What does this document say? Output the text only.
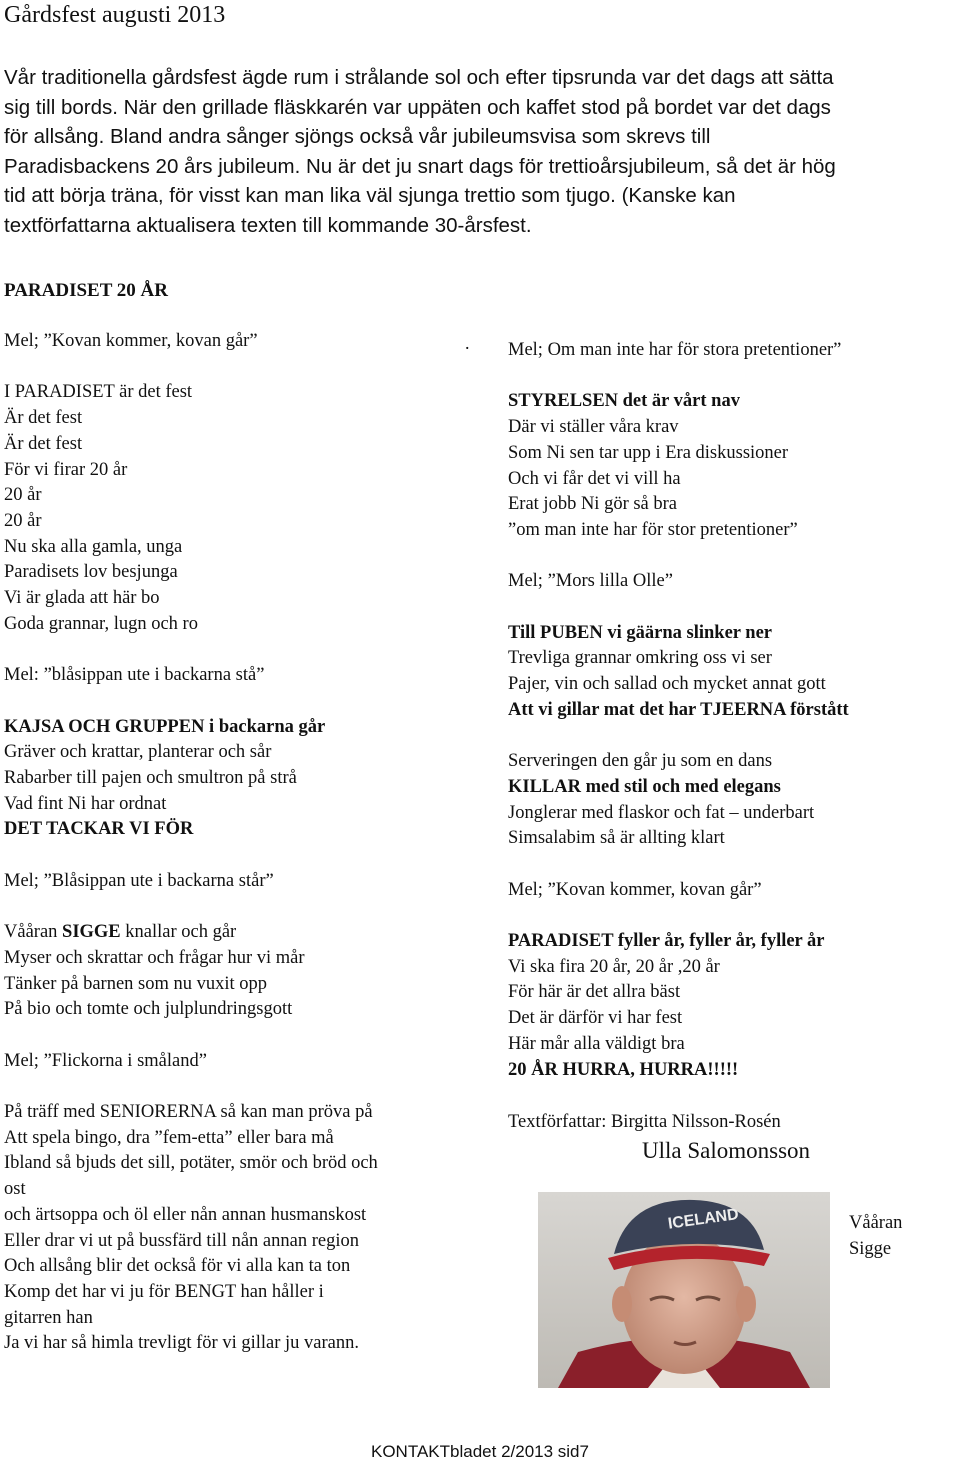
Gårdsfest augusti 2013
Vår traditionella gårdsfest ägde rum i strålande sol och efter tipsrunda var det dags att sätta
sig till bords. När den grillade fläskkarén var uppäten och kaffet stod på bordet var det dags
för allsång. Bland andra sånger sjöngs också vår jubileumsvisa som skrevs till
Paradisbackens 20 års jubileum. Nu är det ju snart dags för trettioårsjubileum, så det är hög
tid att börja träna, för visst kan man lika väl sjunga trettio som tjugo. (Kanske kan
textförfattarna aktualisera texten till kommande 30-årsfest.
PARADISET 20 ÅR
.
Mel; ”Kovan kommer, kovan går”
I PARADISET är det fest
Är det fest
Är det fest
För vi firar 20 år
20 år
20 år
Nu ska alla gamla, unga
Paradisets lov besjunga
Vi är glada att här bo
Goda grannar, lugn och ro
Mel: ”blåsippan ute i backarna stå”
KAJSA OCH GRUPPEN i backarna går
Gräver och krattar, planterar och sår
Rabarber till pajen och smultron på strå
Vad fint Ni har ordnat
DET TACKAR VI FÖR
Mel; ”Blåsippan ute i backarna står”
Vååran SIGGE knallar och går
Myser och skrattar och frågar hur vi mår
Tänker på barnen som nu vuxit opp
På bio och tomte och julplundringsgott
Mel; ”Flickorna i småland”
På träff med SENIORERNA så kan man pröva på
Att spela bingo, dra ”fem-etta” eller bara må
Ibland så bjuds det sill, potäter, smör och bröd och
ost
och ärtsoppa och öl eller nån annan husmanskost
Eller drar vi ut på bussfärd till nån annan region
Och allsång blir det också för vi alla kan ta ton
Komp det har vi ju för BENGT han håller i
gitarren han
Ja vi har så himla trevligt för vi gillar ju varann.
Mel; Om man inte har för stora pretentioner”
STYRELSEN det är vårt nav
Där vi ställer våra krav
Som Ni sen tar upp i Era diskussioner
Och vi får det vi vill ha
Erat jobb Ni gör så bra
”om man inte har för stor pretentioner”
Mel; ”Mors lilla Olle”
Till PUBEN vi gäärna slinker ner
Trevliga grannar omkring oss vi ser
Pajer, vin och sallad och mycket annat gott
Att vi gillar mat det har TJEERNA förstått
Serveringen den går ju som en dans
KILLAR med stil och med elegans
Jonglerar med flaskor och fat – underbart
Simsalabim så är allting klart
Mel; ”Kovan kommer, kovan går”
PARADISET fyller år, fyller år, fyller år
Vi ska fira 20 år, 20 år ,20 år
För här är det allra bäst
Det är därför vi har fest
Här mår alla väldigt bra
20 ÅR HURRA, HURRA!!!!!
Textförfattar: Birgitta Nilsson-Rosén
Ulla Salomonsson
ICELAND	Vååran
Sigge
KONTAKTbladet 2/2013 sid7
